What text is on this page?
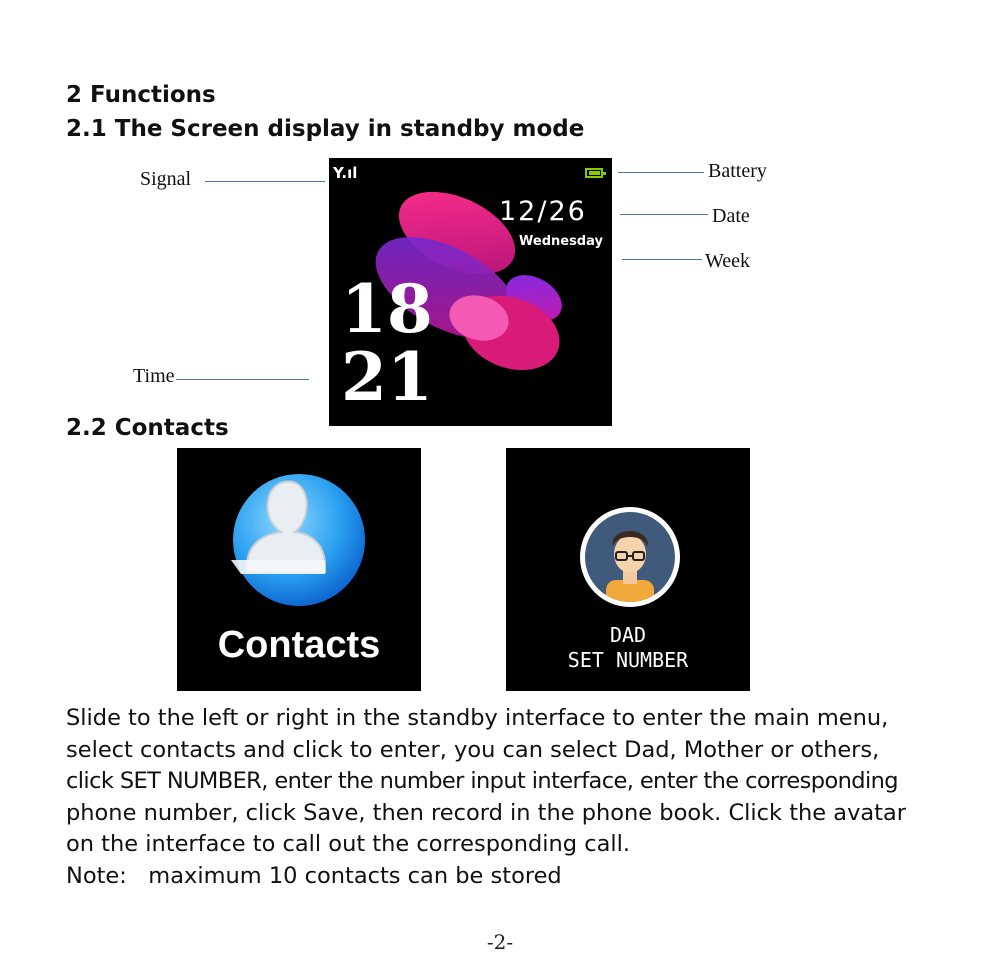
2 Functions
2.1 The Screen display in standby mode
Signal	Battery
Date
Week
Time
Y.ıl
12/26
Wednesday
18
21
2.2 Contacts
Contacts	DAD
SET NUMBER

Slide to the left or right in the standby interface to enter the main menu,

select contacts and click to enter, you can select Dad, Mother or others,

click SET NUMBER, enter the number input interface, enter the corresponding

phone number, click Save, then record in the phone book. Click the avatar

on the interface to call out the corresponding call.

Note:   maximum 10 contacts can be stored

-2-
